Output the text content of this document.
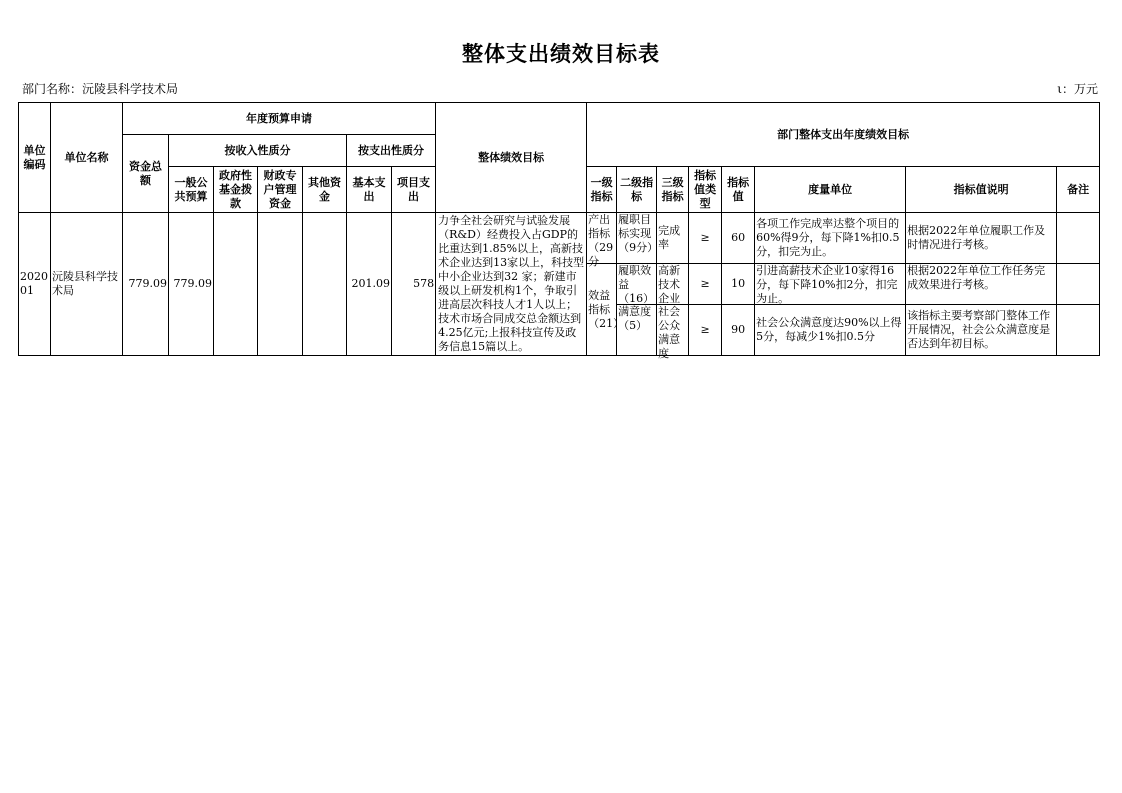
整体支出绩效目标表
部门名称：沅陵县科学技术局	ι：万元
单位编码	单位名称	年度预算申请							整体绩效目标	部门整体支出年度绩效目标							
		资金总额	按收入性质分				按支出性质分										
			一般公共预算	政府性基金拨款	财政专户管理资金	其他资金	基本支出	项目支出		一级指标	二级指标	三级指标	指标值类型	指标值	度量单位	指标值说明	备注
202001	沅陵县科学技术局	779.09	779.09				201.09	578	力争全社会研究与试验发展（R&D）经费投入占GDP的比重达到1.85%以上，高新技术企业达到13家以上，科技型中小企业达到32 家；新建市级以上研发机构1个，争取引进高层次科技人才1人以上；技术市场合同成交总金额达到4.25亿元;上报科技宣传及政务信息15篇以上。	产出指标（29分	履职目标实现（9分）	完成率	≥	60	各项工作完成率达整个项目的60%得9分，每下降1%扣0.5分，扣完为止。	根据2022年单位履职工作及时情况进行考核。	

										效益指标（21）	履职效益（16）	高新技术企业	≥	10	引进高薪技术企业10家得16分，每下降10%扣2分，扣完为止。	根据2022年单位工作任务完成效果进行考核。	

											满意度（5）	社会公众满意度	≥	90	社会公众满意度达90%以上得5分，每减少1%扣0.5分	该指标主要考察部门整体工作开展情况，社会公众满意度是否达到年初目标。	
